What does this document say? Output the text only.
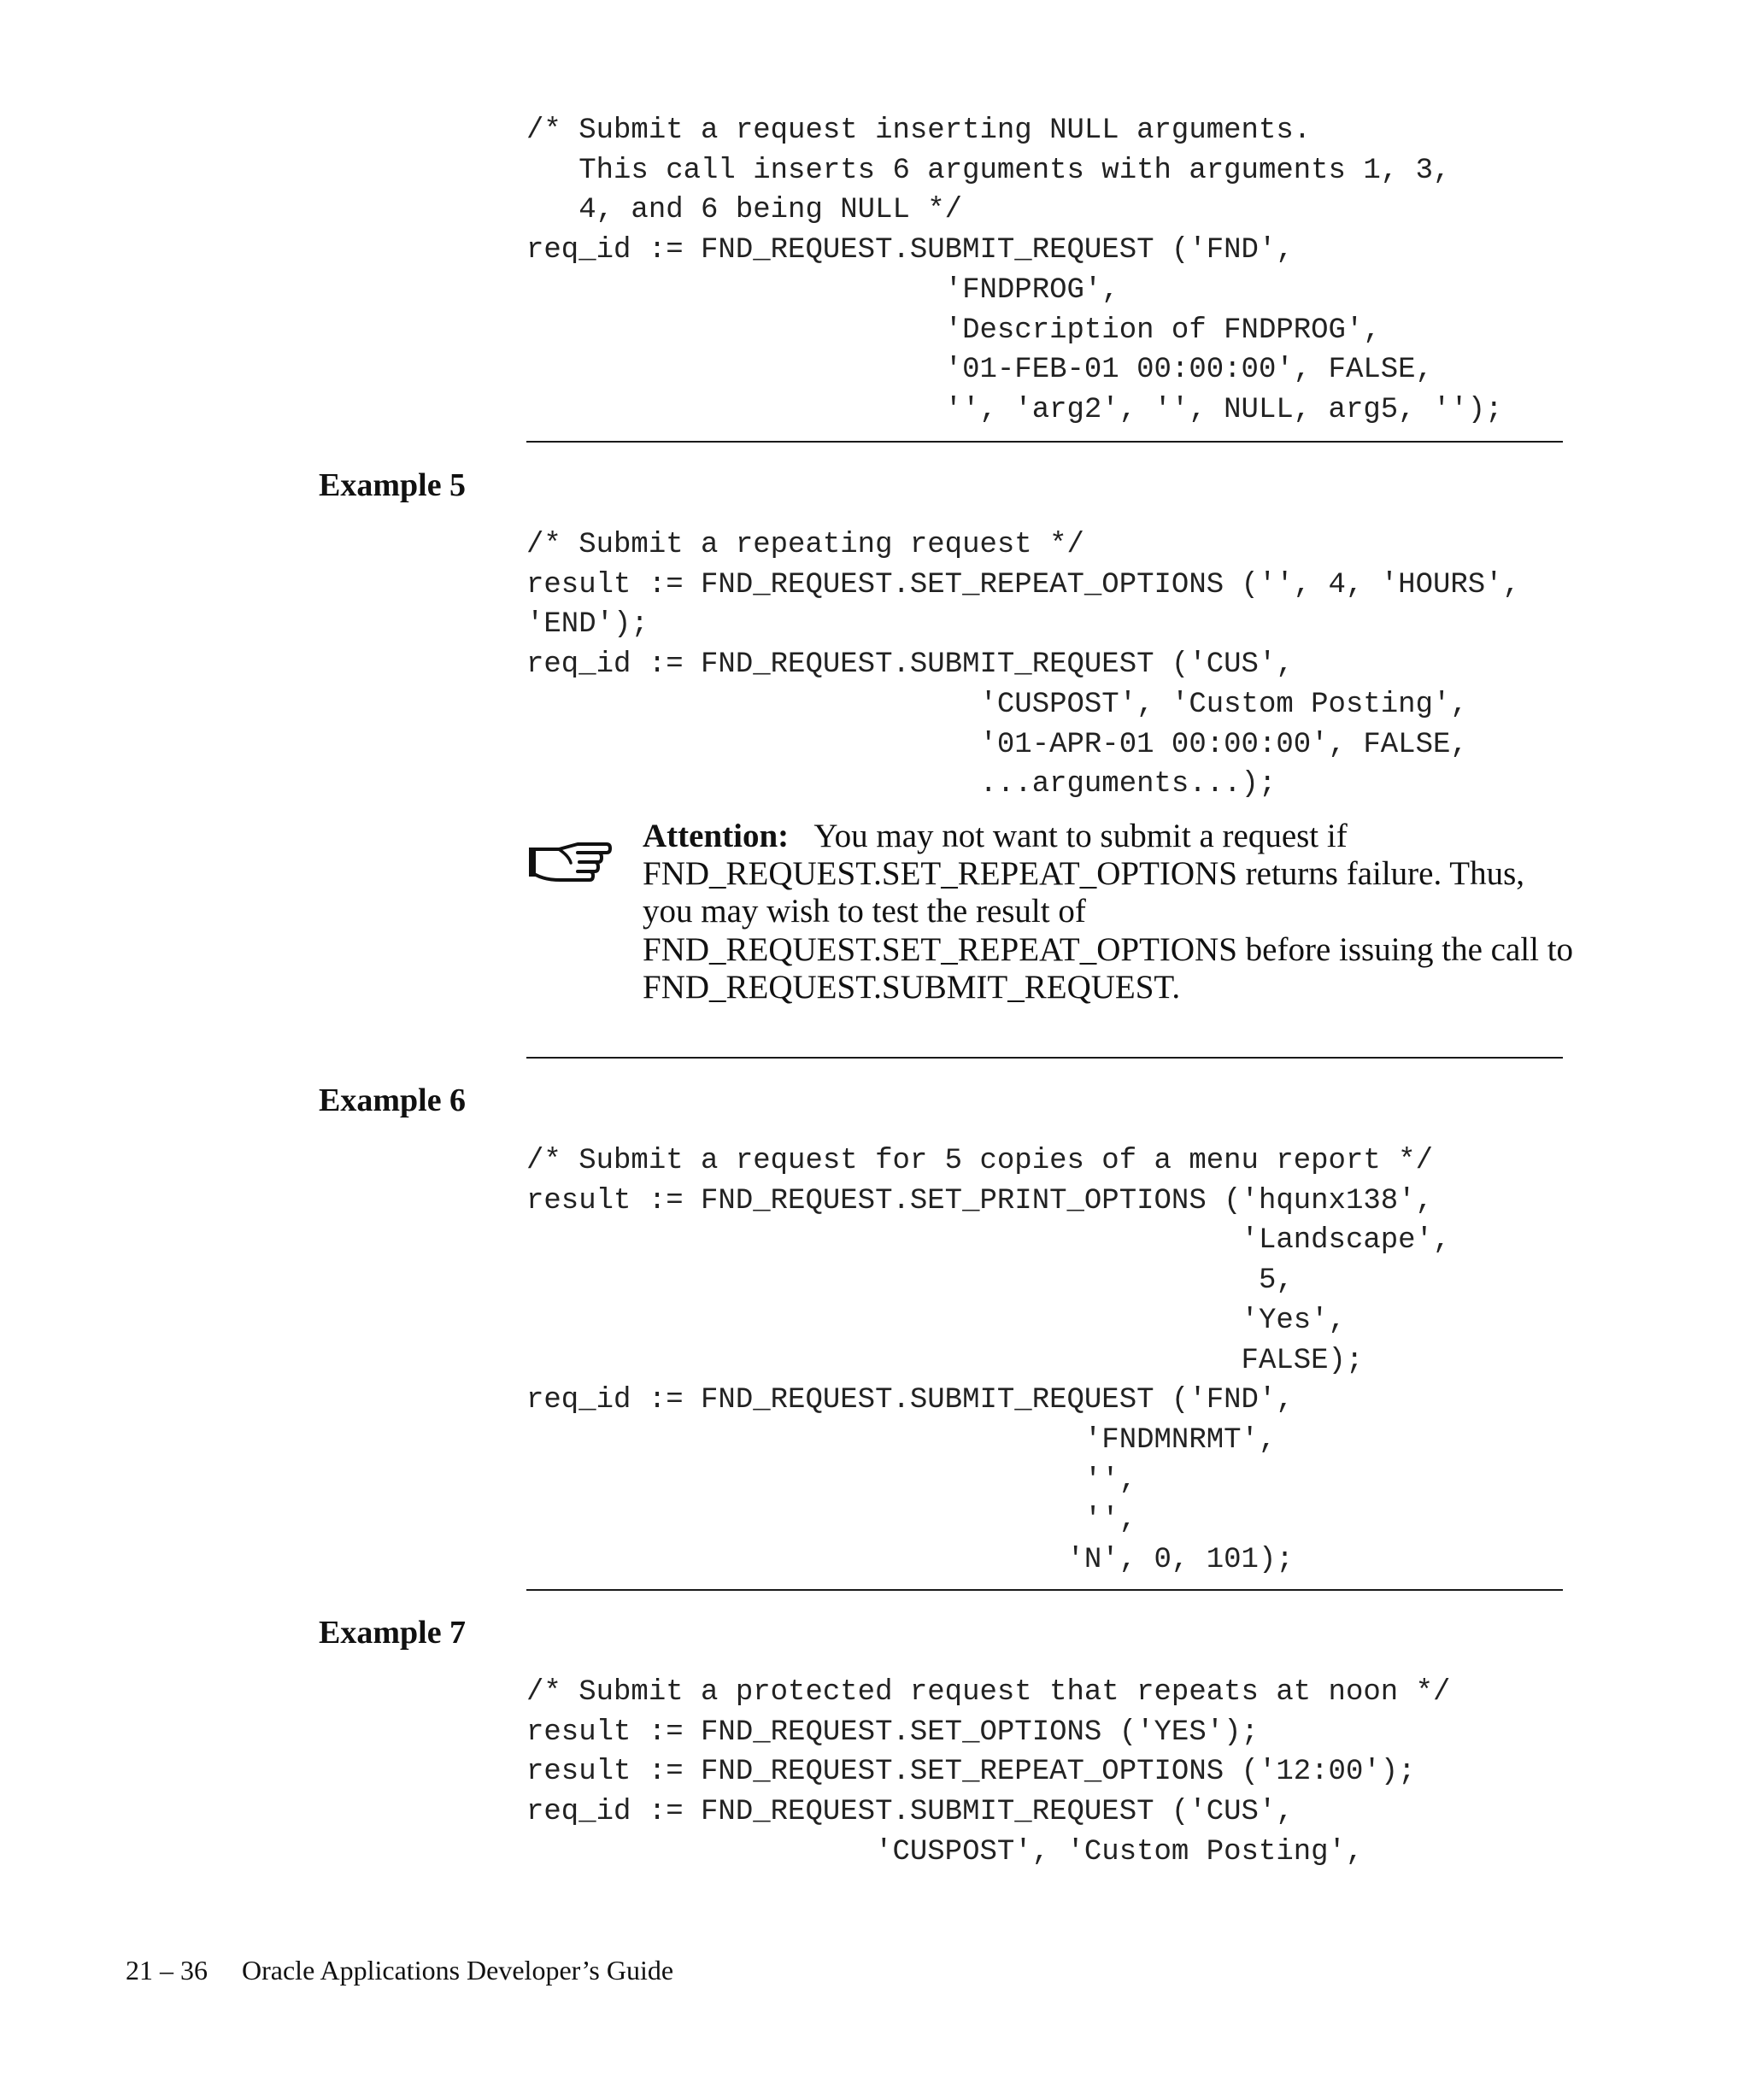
/* Submit a request inserting NULL arguments.
This call inserts 6 arguments with arguments 1, 3,
4, and 6 being NULL */
req_id := FND_REQUEST.SUBMIT_REQUEST ('FND',
'FNDPROG',
'Description of FNDPROG',
'01-FEB-01 00:00:00', FALSE,
'', 'arg2', '', NULL, arg5, '');
Example 5
/* Submit a repeating request */
result := FND_REQUEST.SET_REPEAT_OPTIONS ('', 4, 'HOURS',
'END');
req_id := FND_REQUEST.SUBMIT_REQUEST ('CUS',
'CUSPOST', 'Custom Posting',
'01-APR-01 00:00:00', FALSE,
...arguments...);
Attention: You may not want to submit a request if FND_REQUEST.SET_REPEAT_OPTIONS returns failure. Thus, you may wish to test the result of FND_REQUEST.SET_REPEAT_OPTIONS before issuing the call to FND_REQUEST.SUBMIT_REQUEST.
Example 6
/* Submit a request for 5 copies of a menu report */
result := FND_REQUEST.SET_PRINT_OPTIONS ('hqunx138',
'Landscape',
5,
'Yes',
FALSE);
req_id := FND_REQUEST.SUBMIT_REQUEST ('FND',
'FNDMNRMT',
'',
'',
'N', 0, 101);
Example 7
/* Submit a protected request that repeats at noon */
result := FND_REQUEST.SET_OPTIONS ('YES');
result := FND_REQUEST.SET_REPEAT_OPTIONS ('12:00');
req_id := FND_REQUEST.SUBMIT_REQUEST ('CUS',
'CUSPOST', 'Custom Posting',
21 – 36 Oracle Applications Developer’s Guide
